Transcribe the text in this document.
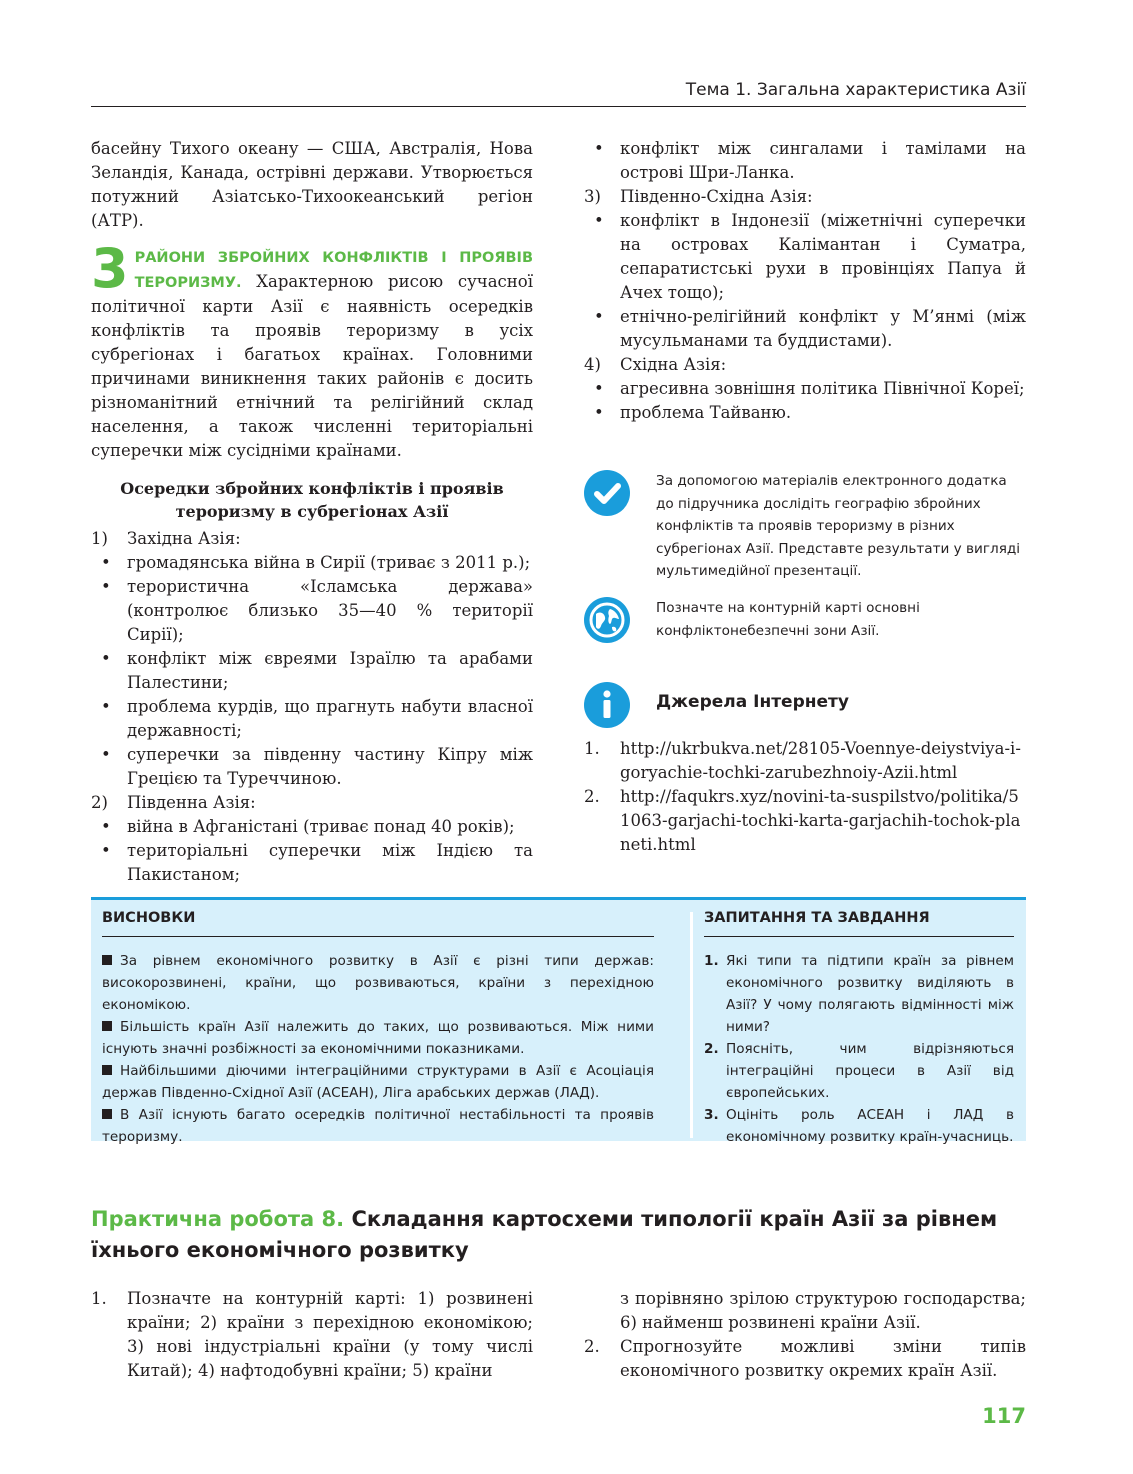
Тема 1. Загальна характеристика Азії

басейну Тихого океану — США, Австралія, Нова Зеландія, Канада, острівні держави. Утворюється потужний Азіатсько-Тихоокеанський регіон (АТР).

3 РАЙОНИ ЗБРОЙНИХ КОНФЛІКТІВ І ПРОЯВІВ ТЕРОРИЗМУ. Характерною рисою сучасної політичної карти Азії є наявність осередків конфліктів та проявів тероризму в усіх субрегіонах і багатьох країнах. Головними причинами виникнення таких районів є досить різноманітний етнічний та релігійний склад населення, а також численні територіальні суперечки між сусідніми країнами.

Осередки збройних конфліктів і проявів тероризму в субрегіонах Азії
1) Західна Азія:
• громадянська війна в Сирії (триває з 2011 р.);
• терористична «Ісламська держава» (контролює близько 35—40 % території Сирії);
• конфлікт між євреями Ізраїлю та арабами Палестини;
• проблема курдів, що прагнуть набути власної державності;
• суперечки за південну частину Кіпру між Грецією та Туреччиною.
2) Південна Азія:
• війна в Афганістані (триває понад 40 років);
• територіальні суперечки між Індією та Пакистаном;
• конфлікт між сингалами і тамілами на острові Шри-Ланка.
3) Південно-Східна Азія:
• конфлікт в Індонезії (міжетнічні суперечки на островах Калімантан і Суматра, сепаратистські рухи в провінціях Папуа й Ачех тощо);
• етнічно-релігійний конфлікт у М’янмі (між мусульманами та буддистами).
4) Східна Азія:
• агресивна зовнішня політика Північної Кореї;
• проблема Тайваню.
За допомогою матеріалів електронного додатка до підручника дослідіть географію збройних конфліктів та проявів тероризму в різних субрегіонах Азії. Представте результати у вигляді мультимедійної презентації.
Позначте на контурній карті основні конфліктонебезпечні зони Азії.
Джерела Інтернету
1. http://ukrbukva.net/28105-Voennye-deiystviya-i-goryachie-tochki-zarubezhnoiy-Azii.html
2. http://faqukrs.xyz/novini-ta-suspilstvo/politika/51063-garjachi-tochki-karta-garjachih-tochok-planeti.html
ВИСНОВКИ	ЗАПИТАННЯ ТА ЗАВДАННЯ

За рівнем економічного розвитку в Азії є різні типи держав: високорозвинені, країни, що розвиваються, країни з перехідною економікою.

Більшість країн Азії належить до таких, що розвиваються. Між ними існують значні розбіжності за економічними показниками.

Найбільшими діючими інтеграційними структурами в Азії є Асоціація держав Південно-Східної Азії (АСЕАН), Ліга арабських держав (ЛАД).

В Азії існують багато осередків політичної нестабільності та проявів тероризму.

1. Які типи та підтипи країн за рівнем економічного розвитку виділяють в Азії? У чому полягають відмінності між ними?
2. Поясніть, чим відрізняються інтеграційні процеси в Азії від європейських.
3. Оцініть роль АСЕАН і ЛАД в економічному розвитку країн-учасниць.
Практична робота 8. Складання картосхеми типології країн Азії за рівнем їхнього економічного розвитку
1. Позначте на контурній карті: 1) розвинені країни; 2) країни з перехідною економікою; 3) нові індустріальні країни (у тому числі Китай); 4) нафтодобувні країни; 5) країни

з порівняно зрілою структурою господарства; 6) найменш розвинені країни Азії.

2. Спрогнозуйте можливі зміни типів економічного розвитку окремих країн Азії.

117
